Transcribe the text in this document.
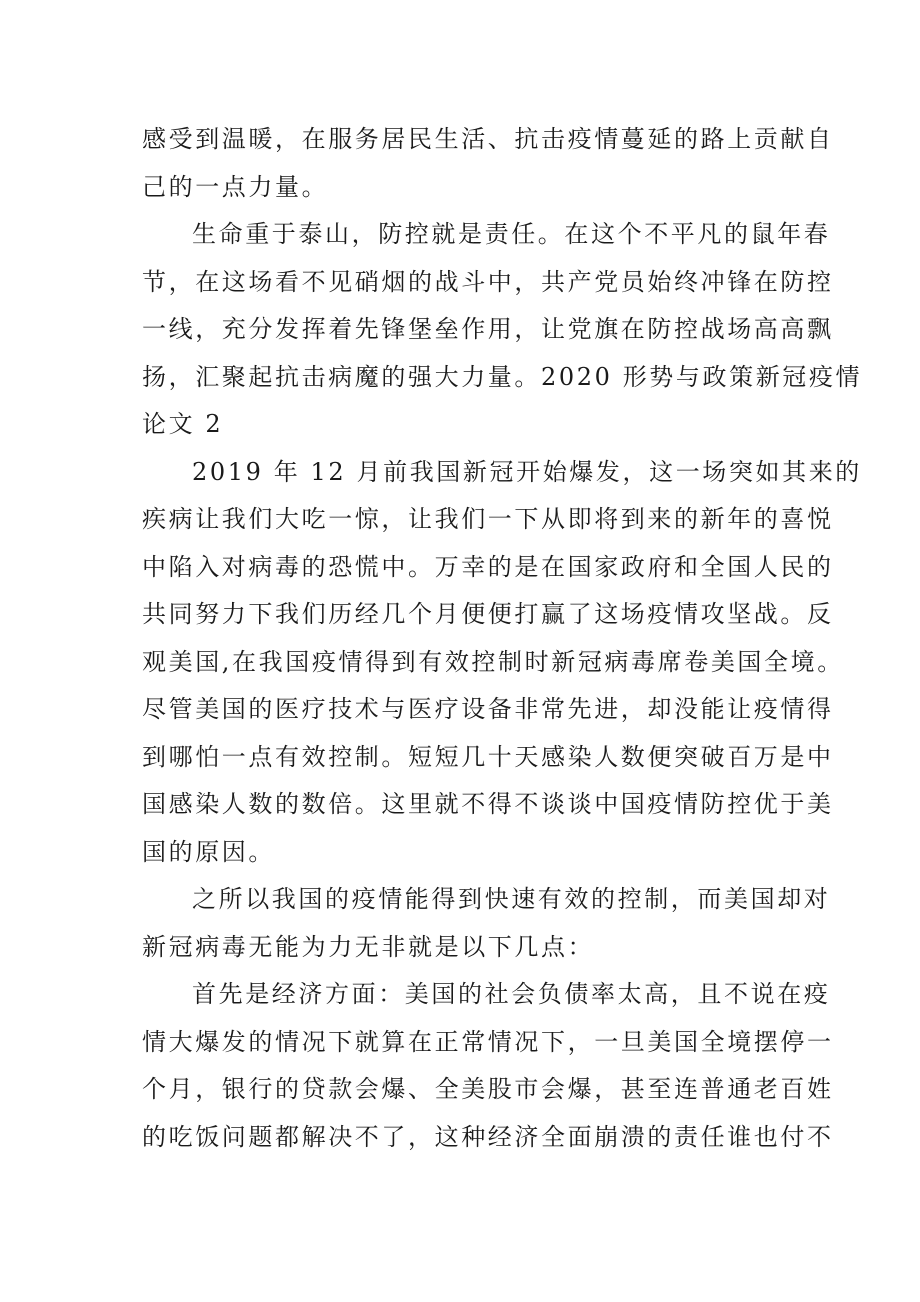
感受到温暖，在服务居民生活、抗击疫情蔓延的路上贡献自
己的一点力量。
生命重于泰山，防控就是责任。在这个不平凡的鼠年春
节，在这场看不见硝烟的战斗中，共产党员始终冲锋在防控
一线，充分发挥着先锋堡垒作用，让党旗在防控战场高高飘
扬，汇聚起抗击病魔的强大力量。2020 形势与政策新冠疫情
论文 2
2019 年 12 月前我国新冠开始爆发，这一场突如其来的
疾病让我们大吃一惊，让我们一下从即将到来的新年的喜悦
中陷入对病毒的恐慌中。万幸的是在国家政府和全国人民的
共同努力下我们历经几个月便便打赢了这场疫情攻坚战。反
观美国,在我国疫情得到有效控制时新冠病毒席卷美国全境。
尽管美国的医疗技术与医疗设备非常先进，却没能让疫情得
到哪怕一点有效控制。短短几十天感染人数便突破百万是中
国感染人数的数倍。这里就不得不谈谈中国疫情防控优于美
国的原因。
之所以我国的疫情能得到快速有效的控制，而美国却对
新冠病毒无能为力无非就是以下几点：
首先是经济方面：美国的社会负债率太高，且不说在疫
情大爆发的情况下就算在正常情况下，一旦美国全境摆停一
个月，银行的贷款会爆、全美股市会爆，甚至连普通老百姓
的吃饭问题都解决不了，这种经济全面崩溃的责任谁也付不
